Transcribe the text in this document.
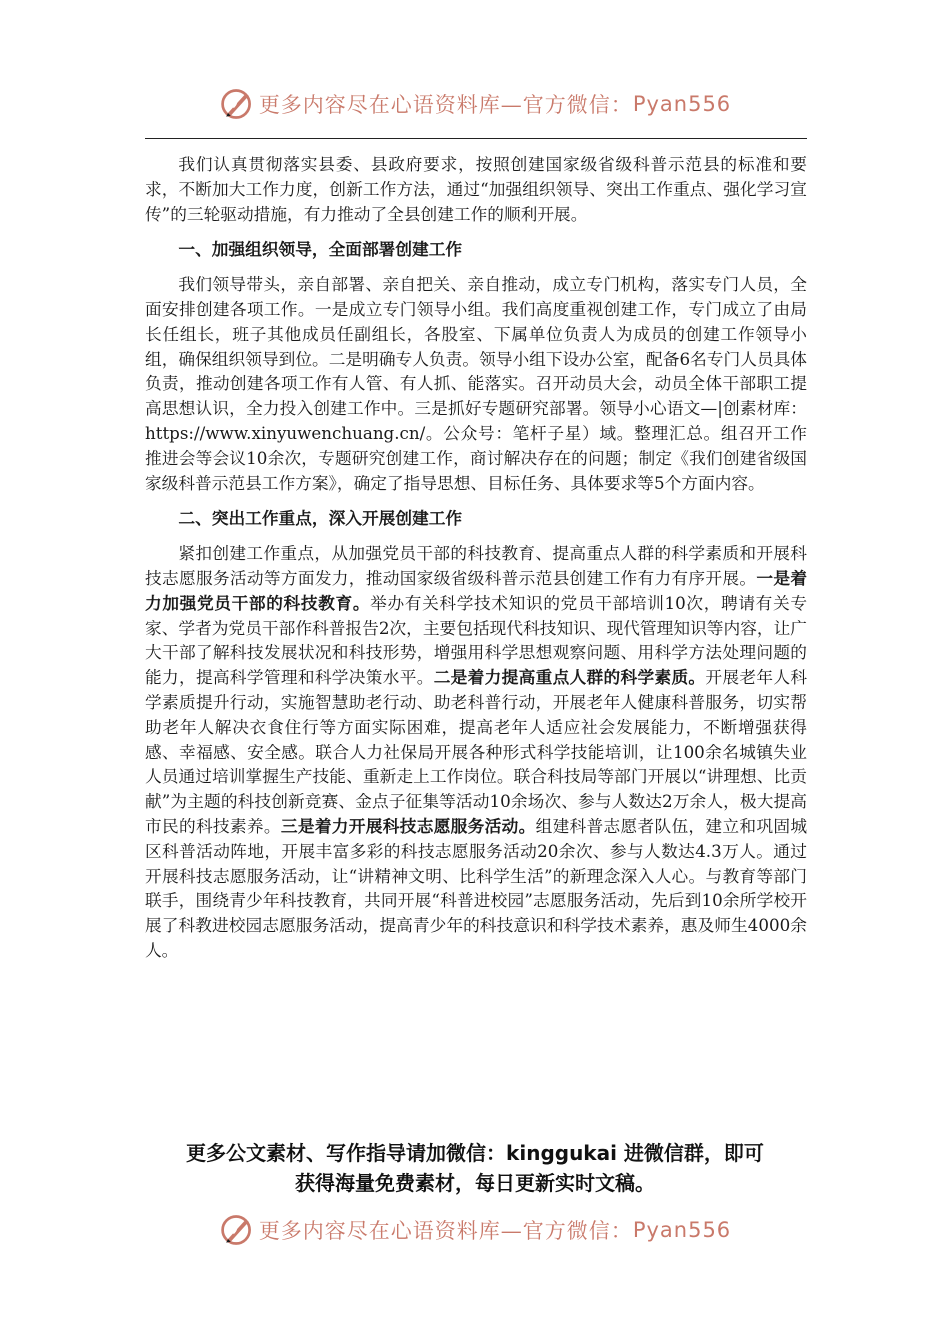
更多内容尽在心语资料库—官方微信： Pyan556

我们认真贯彻落实县委、县政府要求，按照创建国家级省级科普示范县的标准和要求，不断加大工作力度，创新工作方法，通过“加强组织领导、突出工作重点、强化学习宣传”的三轮驱动措施，有力推动了全县创建工作的顺利开展。

一、加强组织领导，全面部署创建工作

我们领导带头，亲自部署、亲自把关、亲自推动，成立专门机构，落实专门人员，全面安排创建各项工作。一是成立专门领导小组。我们高度重视创建工作，专门成立了由局长任组长，班子其他成员任副组长，各股室、下属单位负责人为成员的创建工作领导小组，确保组织领导到位。二是明确专人负责。领导小组下设办公室，配备6名专门人员具体负责，推动创建各项工作有人管、有人抓、能落实。召开动员大会，动员全体干部职工提高思想认识，全力投入创建工作中。三是抓好专题研究部署。领导小心语文—|创素材库：https://www.xinyuwenchuang.cn/。公众号：笔杆子星）域。整理汇总。组召开工作推进会等会议10余次，专题研究创建工作，商讨解决存在的问题；制定《我们创建省级国家级科普示范县工作方案》，确定了指导思想、目标任务、具体要求等5个方面内容。

二、突出工作重点，深入开展创建工作

紧扣创建工作重点，从加强党员干部的科技教育、提高重点人群的科学素质和开展科技志愿服务活动等方面发力，推动国家级省级科普示范县创建工作有力有序开展。一是着力加强党员干部的科技教育。举办有关科学技术知识的党员干部培训10次，聘请有关专家、学者为党员干部作科普报告2次，主要包括现代科技知识、现代管理知识等内容，让广大干部了解科技发展状况和科技形势，增强用科学思想观察问题、用科学方法处理问题的能力，提高科学管理和科学决策水平。二是着力提高重点人群的科学素质。开展老年人科学素质提升行动，实施智慧助老行动、助老科普行动，开展老年人健康科普服务，切实帮助老年人解决衣食住行等方面实际困难，提高老年人适应社会发展能力，不断增强获得感、幸福感、安全感。联合人力社保局开展各种形式科学技能培训，让100余名城镇失业人员通过培训掌握生产技能、重新走上工作岗位。联合科技局等部门开展以“讲理想、比贡献”为主题的科技创新竞赛、金点子征集等活动10余场次、参与人数达2万余人，极大提高市民的科技素养。三是着力开展科技志愿服务活动。组建科普志愿者队伍，建立和巩固城区科普活动阵地，开展丰富多彩的科技志愿服务活动20余次、参与人数达4.3万人。通过开展科技志愿服务活动，让“讲精神文明、比科学生活”的新理念深入人心。与教育等部门联手，围绕青少年科技教育，共同开展“科普进校园”志愿服务活动，先后到10余所学校开展了科教进校园志愿服务活动，提高青少年的科技意识和科学技术素养，惠及师生4000余人。

更多公文素材、写作指导请加微信：kinggukai 进微信群，即可
获得海量免费素材，每日更新实时文稿。
更多内容尽在心语资料库—官方微信： Pyan556
